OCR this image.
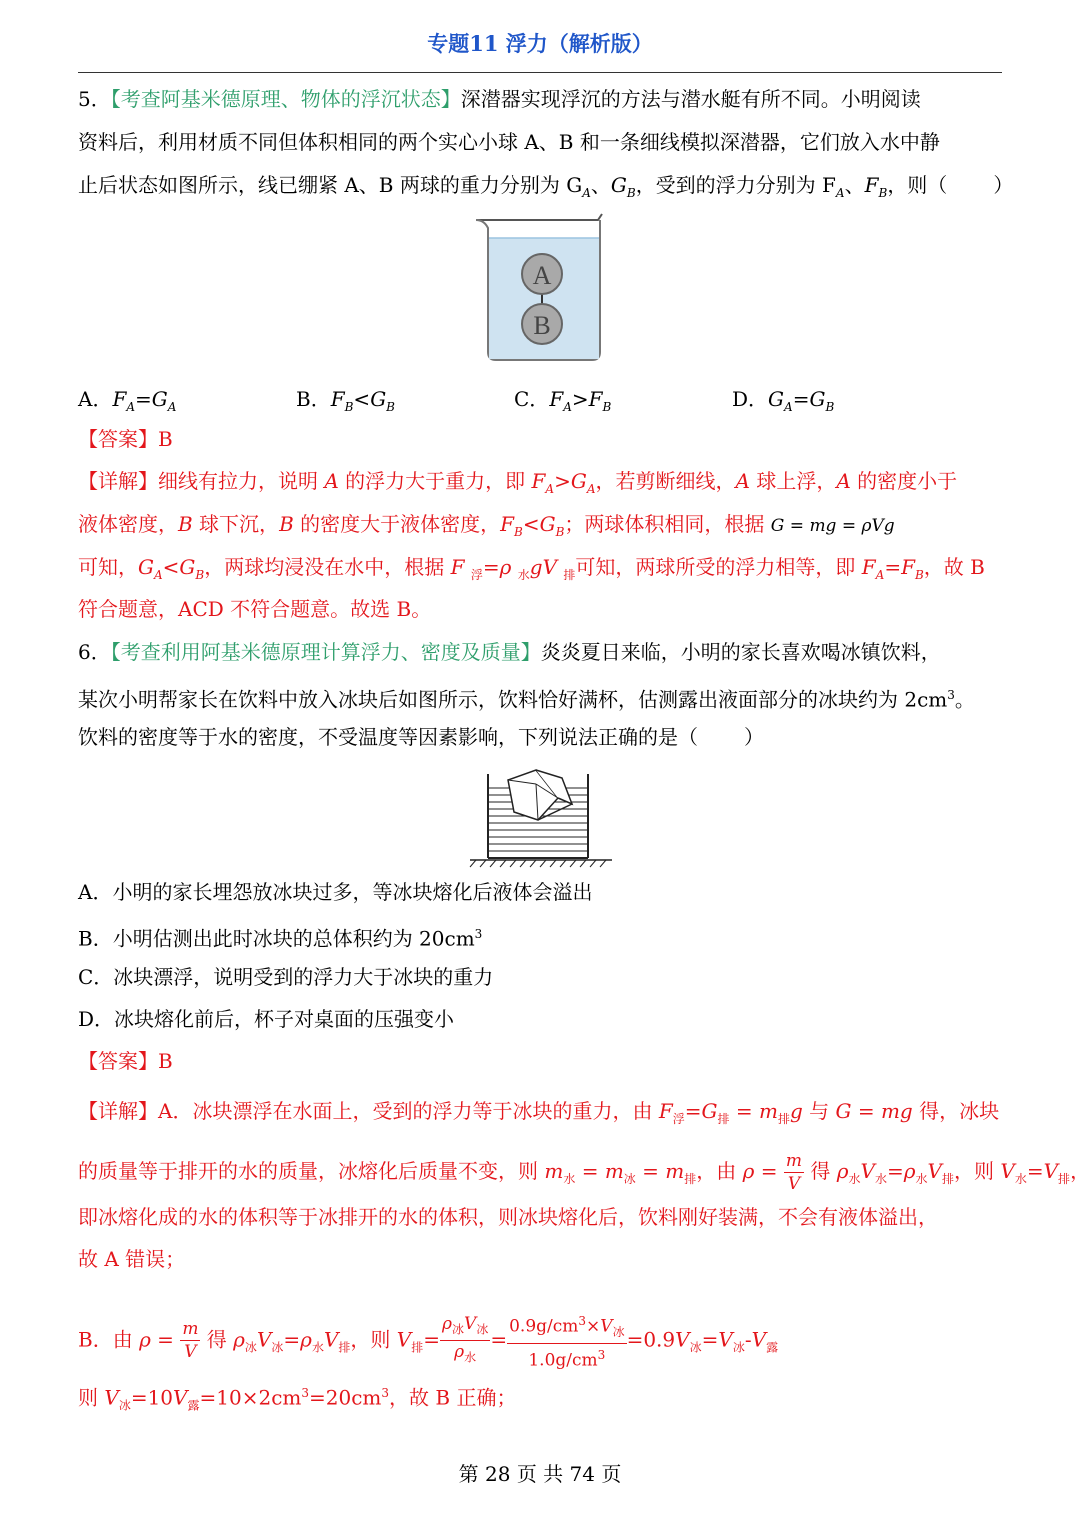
专题11 浮力（解析版）
5．【考查阿基米德原理、物体的浮沉状态】深潜器实现浮沉的方法与潜水艇有所不同。小明阅读
资料后，利用材质不同但体积相同的两个实心小球 A、B 和一条细线模拟深潜器，它们放入水中静
止后状态如图所示，线已绷紧 A、B 两球的重力分别为 $G_A$、$G_B$，受到的浮力分别为 $F_A$、$F_B$，则（ ）
A
B
A．$F_A=G_A$	B．$F_B<G_B$	C．$F_A>F_B$	D．$G_A=G_B$
【答案】B
【详解】细线有拉力，说明 A 的浮力大于重力，即 $F_A>G_A$，若剪断细线，A 球上浮，A 的密度小于
液体密度，B 球下沉，B 的密度大于液体密度，$F_B<G_B$；两球体积相同，根据 G = mg = ρVg
可知，$G_A<G_B$，两球均浸没在水中，根据 F $_浮$=ρ $_水$gV $_排$可知，两球所受的浮力相等，即 $F_A=F_B$，故 B
符合题意，ACD 不符合题意。故选 B。
6．【考查利用阿基米德原理计算浮力、密度及质量】炎炎夏日来临，小明的家长喜欢喝冰镇饮料，
某次小明帮家长在饮料中放入冰块后如图所示，饮料恰好满杯，估测露出液面部分的冰块约为 $2cm^3$。
饮料的密度等于水的密度，不受温度等因素影响，下列说法正确的是（ ）
A．小明的家长埋怨放冰块过多，等冰块熔化后液体会溢出
B．小明估测出此时冰块的总体积约为 $20cm^3$
C．冰块漂浮，说明受到的浮力大于冰块的重力
D．冰块熔化前后，杯子对桌面的压强变小
【答案】B
【详解】A．冰块漂浮在水面上，受到的浮力等于冰块的重力，由 $F_浮=G_排 = m_排g$ 与 G = mg 得，冰块
的质量等于排开的水的质量，冰熔化后质量不变，则 $m_水 = m_冰 = m_排$，由 $\rho = \frac{m}{V}$ 得 $\rho_水V_水=\rho_水V_排$，则 $V_水=V_排$，
即冰熔化成的水的体积等于冰排开的水的体积，则冰块熔化后，饮料刚好装满，不会有液体溢出，
故 A 错误；
B．由 $\rho = \frac{m}{V}$ 得 $\rho_冰V_冰=\rho_水V_排$，则 $V_排= \frac{\rho_冰V_冰}{\rho_水} = \frac{0.9g/cm^3\times V_冰}{1.0g/cm^3} =0.9V_冰=V_冰-V_露$
则 $V_冰=10V_露=10\times 2cm^3=20cm^3$，故 B 正确；
第 28 页 共 74 页
